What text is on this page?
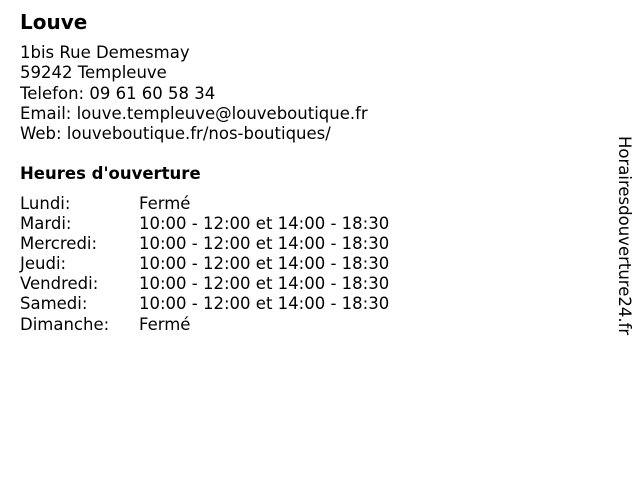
Louve
1bis Rue Demesmay
59242 Templeuve
Telefon: 09 61 60 58 34
Email: louve.templeuve@louveboutique.fr
Web: louveboutique.fr/nos-boutiques/
Heures d'ouverture
Lundi:	Fermé
Mardi:	10:00 - 12:00 et 14:00 - 18:30
Mercredi:	10:00 - 12:00 et 14:00 - 18:30
Jeudi:	10:00 - 12:00 et 14:00 - 18:30
Vendredi:	10:00 - 12:00 et 14:00 - 18:30
Samedi:	10:00 - 12:00 et 14:00 - 18:30
Dimanche:	Fermé	Horairesdouverture24.fr
